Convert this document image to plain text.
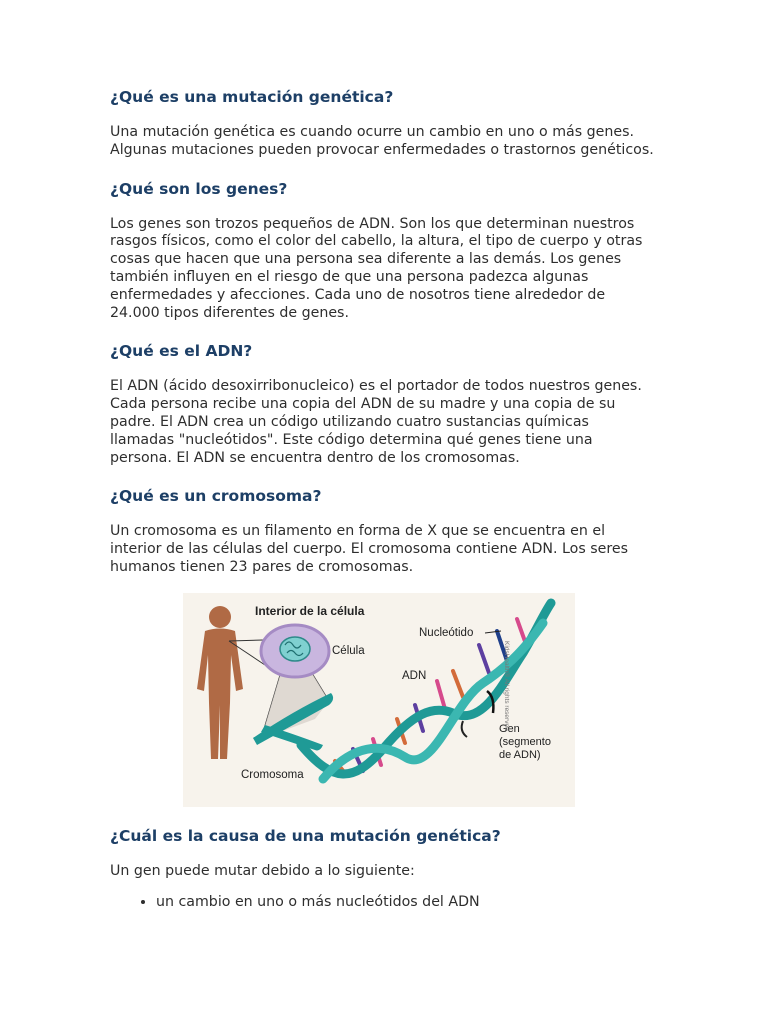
¿Qué es una mutación genética?

Una mutación genética es cuando ocurre un cambio en uno o más genes. Algunas mutaciones pueden provocar enfermedades o trastornos genéticos.

¿Qué son los genes?

Los genes son trozos pequeños de ADN. Son los que determinan nuestros rasgos físicos, como el color del cabello, la altura, el tipo de cuerpo y otras cosas que hacen que una persona sea diferente a las demás. Los genes también influyen en el riesgo de que una persona padezca algunas enfermedades y afecciones. Cada uno de nosotros tiene alrededor de 24.000 tipos diferentes de genes.

¿Qué es el ADN?

El ADN (ácido desoxirribonucleico) es el portador de todos nuestros genes. Cada persona recibe una copia del ADN de su madre y una copia de su padre. El ADN crea un código utilizando cuatro sustancias químicas llamadas "nucleótidos". Este código determina qué genes tiene una persona. El ADN se encuentra dentro de los cromosomas.

¿Qué es un cromosoma?

Un cromosoma es un filamento en forma de X que se encuentra en el interior de las células del cuerpo. El cromosoma contiene ADN. Los seres humanos tienen 23 pares de cromosomas.

Interior de la célula
Célula
Nucleótido
ADN
Gen
(segmento
de ADN)
Cromosoma
KidsHealth® All rights reserved.
¿Cuál es la causa de una mutación genética?

Un gen puede mutar debido a lo siguiente:

• un cambio en uno o más nucleótidos del ADN
